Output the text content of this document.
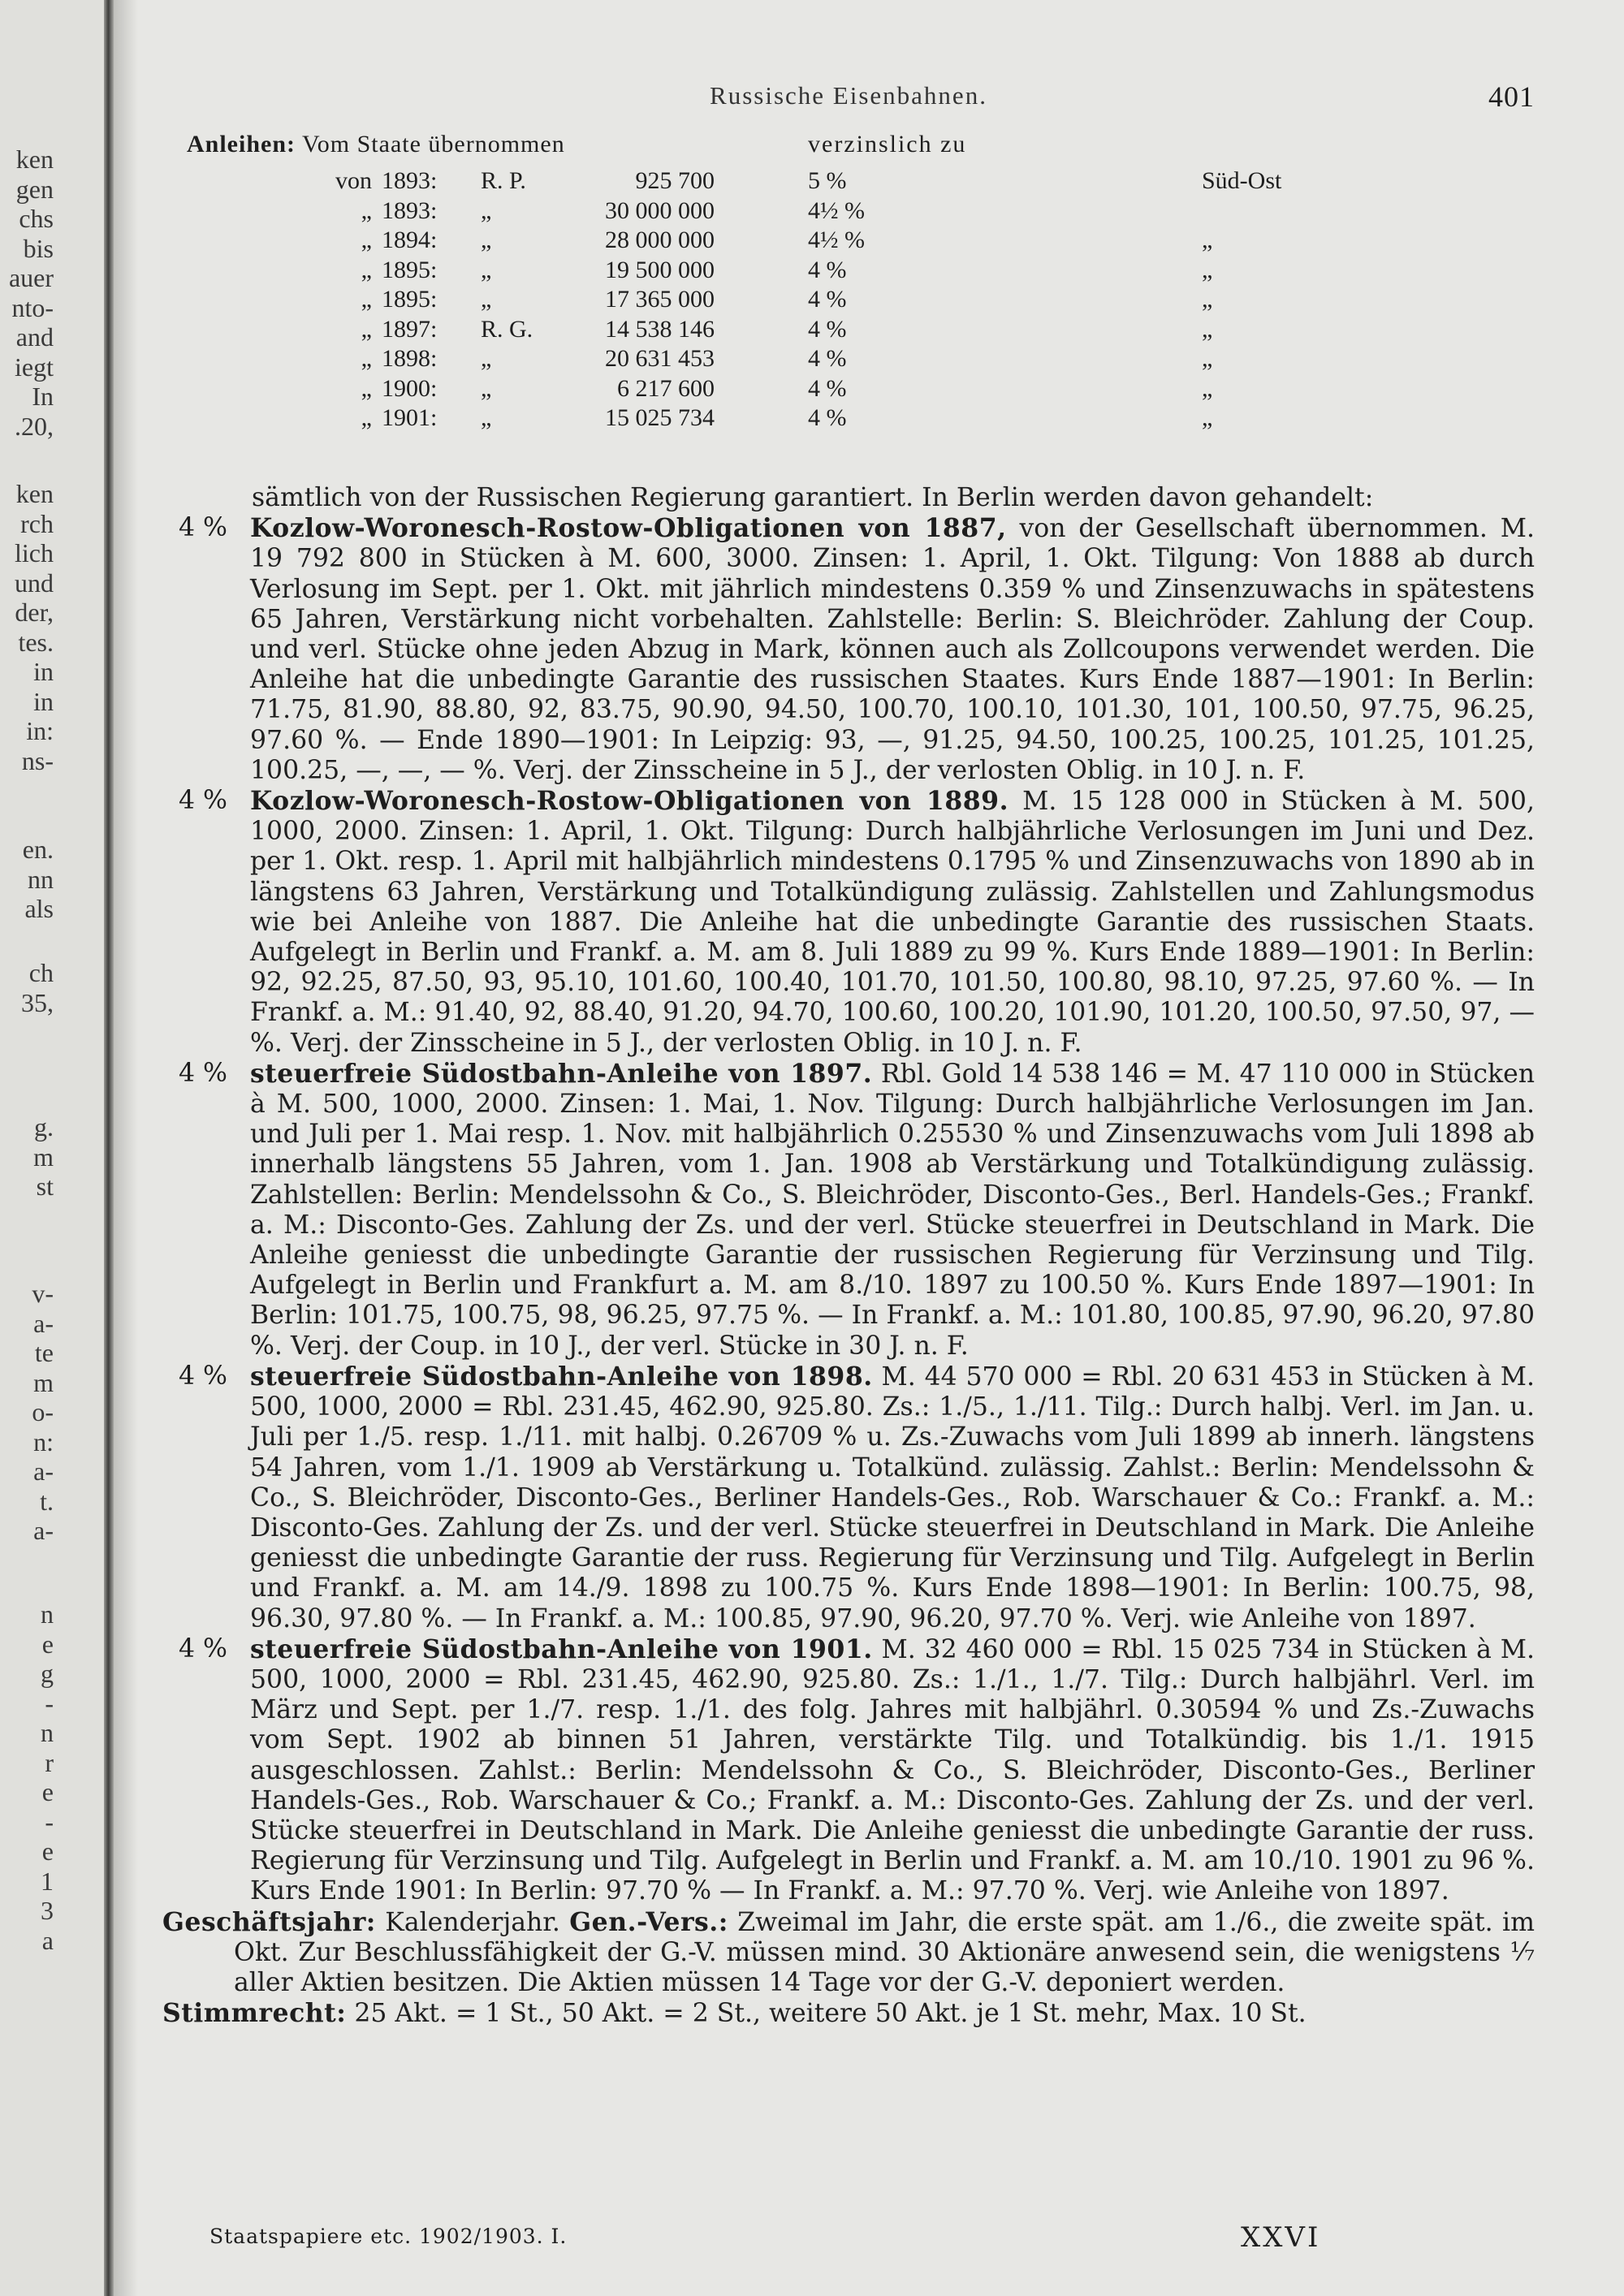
ken
gen
chs
bis
auer
nto-
and
iegt
In
.20,
ken
rch
lich
und
der,
tes.
in
in
in:
ns-
en.
nn
als
ch
35,
g.
m
st
v-
a-
te
m
o-
n:
a-
t.
a-
n
e
g
-
n
r
e
-
e
1
3
a
Russische Eisenbahnen.	401
Anleihen: Vom Staate übernommen	verzinslich zu
von 1893: R. P.	925 700	5 %	Süd-Ost
„ 1893: „	30 000 000	4½ %
„ 1894: „	28 000 000	4½ %	„
„ 1895: „	19 500 000	4 %	„
„ 1895: „	17 365 000	4 %	„
„ 1897: R. G.	14 538 146	4 %	„
„ 1898: „	20 631 453	4 %	„
„ 1900: „	6 217 600	4 %	„
„ 1901: „	15 025 734	4 %	„

sämtlich von der Russischen Regierung garantiert. In Berlin werden davon gehandelt:

4 % Kozlow-Woronesch-Rostow-Obligationen von 1887, von der Gesellschaft übernommen. M. 19 792 800 in Stücken à M. 600, 3000. Zinsen: 1. April, 1. Okt. Tilgung: Von 1888 ab durch Verlosung im Sept. per 1. Okt. mit jährlich mindestens 0.359 % und Zinsenzuwachs in spätestens 65 Jahren, Verstärkung nicht vorbehalten. Zahlstelle: Berlin: S. Bleichröder. Zahlung der Coup. und verl. Stücke ohne jeden Abzug in Mark, können auch als Zollcoupons verwendet werden. Die Anleihe hat die unbedingte Garantie des russischen Staates. Kurs Ende 1887—1901: In Berlin: 71.75, 81.90, 88.80, 92, 83.75, 90.90, 94.50, 100.70, 100.10, 101.30, 101, 100.50, 97.75, 96.25, 97.60 %. — Ende 1890—1901: In Leipzig: 93, —, 91.25, 94.50, 100.25, 100.25, 101.25, 101.25, 100.25, —, —, — %. Verj. der Zinsscheine in 5 J., der verlosten Oblig. in 10 J. n. F.

4 % Kozlow-Woronesch-Rostow-Obligationen von 1889. M. 15 128 000 in Stücken à M. 500, 1000, 2000. Zinsen: 1. April, 1. Okt. Tilgung: Durch halbjährliche Verlosungen im Juni und Dez. per 1. Okt. resp. 1. April mit halbjährlich mindestens 0.1795 % und Zinsenzuwachs von 1890 ab in längstens 63 Jahren, Verstärkung und Totalkündigung zulässig. Zahlstellen und Zahlungsmodus wie bei Anleihe von 1887. Die Anleihe hat die unbedingte Garantie des russischen Staats. Aufgelegt in Berlin und Frankf. a. M. am 8. Juli 1889 zu 99 %. Kurs Ende 1889—1901: In Berlin: 92, 92.25, 87.50, 93, 95.10, 101.60, 100.40, 101.70, 101.50, 100.80, 98.10, 97.25, 97.60 %. — In Frankf. a. M.: 91.40, 92, 88.40, 91.20, 94.70, 100.60, 100.20, 101.90, 101.20, 100.50, 97.50, 97, — %. Verj. der Zinsscheine in 5 J., der verlosten Oblig. in 10 J. n. F.

4 % steuerfreie Südostbahn-Anleihe von 1897. Rbl. Gold 14 538 146 = M. 47 110 000 in Stücken à M. 500, 1000, 2000. Zinsen: 1. Mai, 1. Nov. Tilgung: Durch halbjährliche Verlosungen im Jan. und Juli per 1. Mai resp. 1. Nov. mit halbjährlich 0.25530 % und Zinsenzuwachs vom Juli 1898 ab innerhalb längstens 55 Jahren, vom 1. Jan. 1908 ab Verstärkung und Totalkündigung zulässig. Zahlstellen: Berlin: Mendelssohn & Co., S. Bleichröder, Disconto-Ges., Berl. Handels-Ges.; Frankf. a. M.: Disconto-Ges. Zahlung der Zs. und der verl. Stücke steuerfrei in Deutschland in Mark. Die Anleihe geniesst die unbedingte Garantie der russischen Regierung für Verzinsung und Tilg. Aufgelegt in Berlin und Frankfurt a. M. am 8./10. 1897 zu 100.50 %. Kurs Ende 1897—1901: In Berlin: 101.75, 100.75, 98, 96.25, 97.75 %. — In Frankf. a. M.: 101.80, 100.85, 97.90, 96.20, 97.80 %. Verj. der Coup. in 10 J., der verl. Stücke in 30 J. n. F.

4 % steuerfreie Südostbahn-Anleihe von 1898. M. 44 570 000 = Rbl. 20 631 453 in Stücken à M. 500, 1000, 2000 = Rbl. 231.45, 462.90, 925.80. Zs.: 1./5., 1./11. Tilg.: Durch halbj. Verl. im Jan. u. Juli per 1./5. resp. 1./11. mit halbj. 0.26709 % u. Zs.-Zuwachs vom Juli 1899 ab innerh. längstens 54 Jahren, vom 1./1. 1909 ab Verstärkung u. Totalkünd. zulässig. Zahlst.: Berlin: Mendelssohn & Co., S. Bleichröder, Disconto-Ges., Berliner Handels-Ges., Rob. Warschauer & Co.: Frankf. a. M.: Disconto-Ges. Zahlung der Zs. und der verl. Stücke steuerfrei in Deutschland in Mark. Die Anleihe geniesst die unbedingte Garantie der russ. Regierung für Verzinsung und Tilg. Aufgelegt in Berlin und Frankf. a. M. am 14./9. 1898 zu 100.75 %. Kurs Ende 1898—1901: In Berlin: 100.75, 98, 96.30, 97.80 %. — In Frankf. a. M.: 100.85, 97.90, 96.20, 97.70 %. Verj. wie Anleihe von 1897.

4 % steuerfreie Südostbahn-Anleihe von 1901. M. 32 460 000 = Rbl. 15 025 734 in Stücken à M. 500, 1000, 2000 = Rbl. 231.45, 462.90, 925.80. Zs.: 1./1., 1./7. Tilg.: Durch halbjährl. Verl. im März und Sept. per 1./7. resp. 1./1. des folg. Jahres mit halbjährl. 0.30594 % und Zs.-Zuwachs vom Sept. 1902 ab binnen 51 Jahren, verstärkte Tilg. und Totalkündig. bis 1./1. 1915 ausgeschlossen. Zahlst.: Berlin: Mendelssohn & Co., S. Bleichröder, Disconto-Ges., Berliner Handels-Ges., Rob. Warschauer & Co.; Frankf. a. M.: Disconto-Ges. Zahlung der Zs. und der verl. Stücke steuerfrei in Deutschland in Mark. Die Anleihe geniesst die unbedingte Garantie der russ. Regierung für Verzinsung und Tilg. Aufgelegt in Berlin und Frankf. a. M. am 10./10. 1901 zu 96 %. Kurs Ende 1901: In Berlin: 97.70 % — In Frankf. a. M.: 97.70 %. Verj. wie Anleihe von 1897.

Geschäftsjahr: Kalenderjahr. Gen.-Vers.: Zweimal im Jahr, die erste spät. am 1./6., die zweite spät. im Okt. Zur Beschlussfähigkeit der G.-V. müssen mind. 30 Aktionäre anwesend sein, die wenigstens ⅐ aller Aktien besitzen. Die Aktien müssen 14 Tage vor der G.-V. deponiert werden.

Stimmrecht: 25 Akt. = 1 St., 50 Akt. = 2 St., weitere 50 Akt. je 1 St. mehr, Max. 10 St.

Staatspapiere etc. 1902/1903. I.	XXVI
